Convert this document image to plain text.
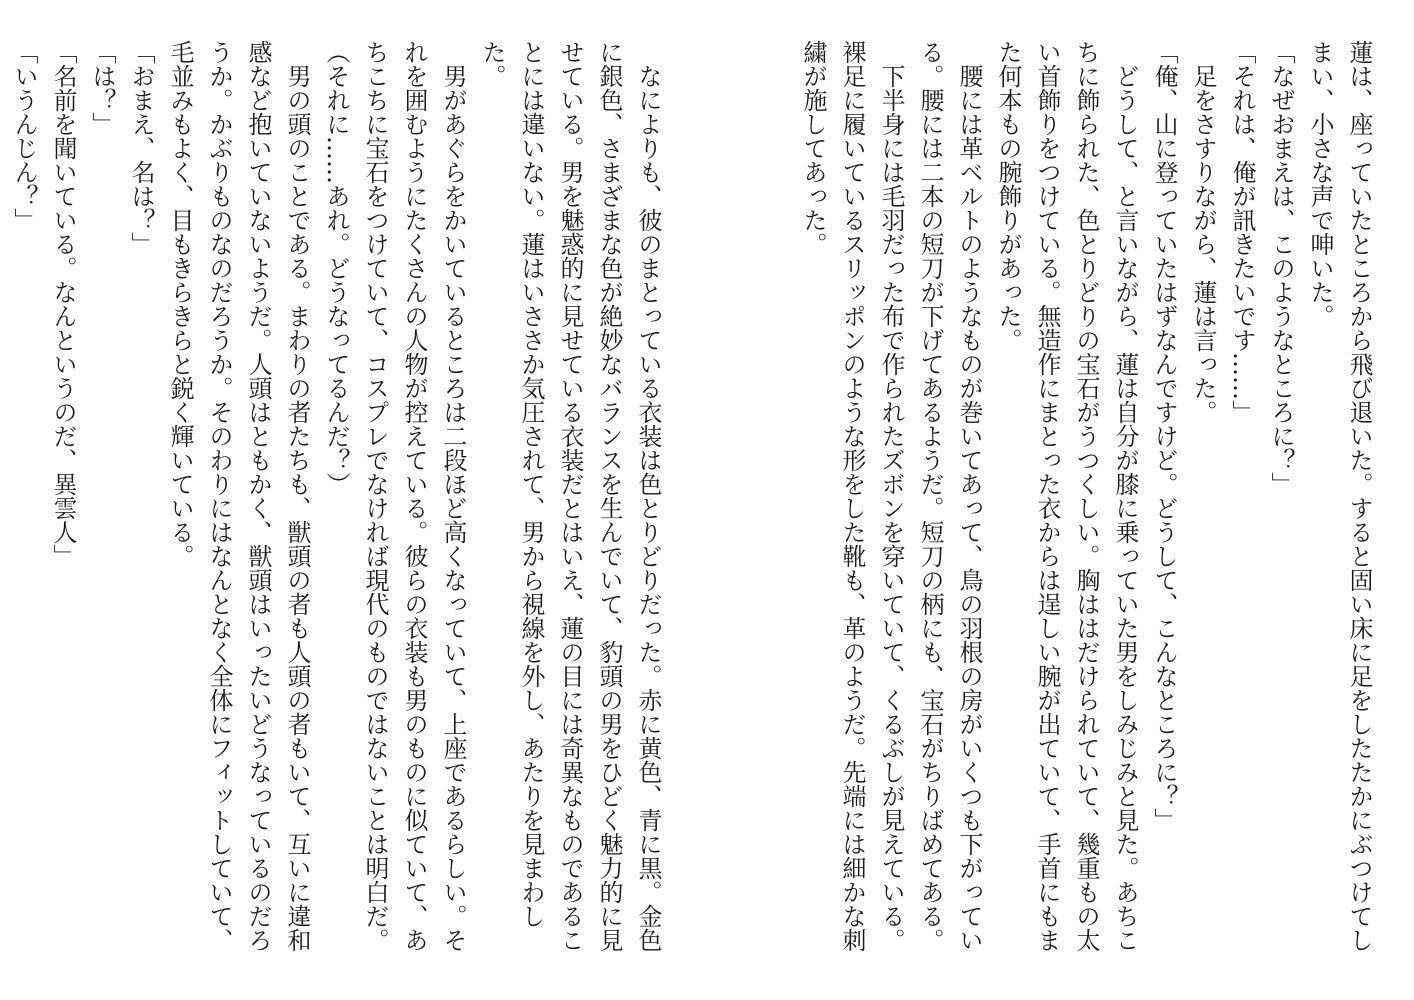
蓮は、座っていたところから飛び退いた。すると固い床に足をしたたかにぶつけてしまい、小さな声で呻いた。

「なぜおまえは、このようなところに？」

「それは、俺が訊きたいです……」

足をさすりながら、蓮は言った。

「俺、山に登っていたはずなんですけど。どうして、こんなところに？」

どうして、と言いながら、蓮は自分が膝に乗っていた男をしみじみと見た。あちこちに飾られた、色とりどりの宝石がうつくしい。胸ははだけられていて、幾重もの太い首飾りをつけている。無造作にまとった衣からは逞しい腕が出ていて、手首にもまた何本もの腕飾りがあった。

腰には革ベルトのようなものが巻いてあって、鳥の羽根の房がいくつも下がっている。腰には二本の短刀が下げてあるようだ。短刀の柄にも、宝石がちりばめてある。

下半身には毛羽だった布で作られたズボンを穿いていて、くるぶしが見えている。裸足に履いているスリッポンのような形をした靴も、革のようだ。先端には細かな刺繍が施してあった。

なによりも、彼のまとっている衣装は色とりどりだった。赤に黄色、青に黒。金色に銀色、さまざまな色が絶妙なバランスを生んでいて、豹頭の男をひどく魅力的に見せている。男を魅惑的に見せている衣装だとはいえ、蓮の目には奇異なものであることには違いない。蓮はいささか気圧されて、男から視線を外し、あたりを見まわした。

男があぐらをかいているところは二段ほど高くなっていて、上座であるらしい。それを囲むようにたくさんの人物が控えている。彼らの衣装も男のものに似ていて、あちこちに宝石をつけていて、コスプレでなければ現代のものではないことは明白だ。

（それに……あれ。どうなってるんだ？）

男の頭のことである。まわりの者たちも、獣頭の者も人頭の者もいて、互いに違和感など抱いていないようだ。人頭はともかく、獣頭はいったいどうなっているのだろうか。かぶりものなのだろうか。そのわりにはなんとなく全体にフィットしていて、毛並みもよく、目もきらきらと鋭く輝いている。

「おまえ、名は？」

「は？」

「名前を聞いている。なんというのだ、異雲人」

「いうんじん？」
